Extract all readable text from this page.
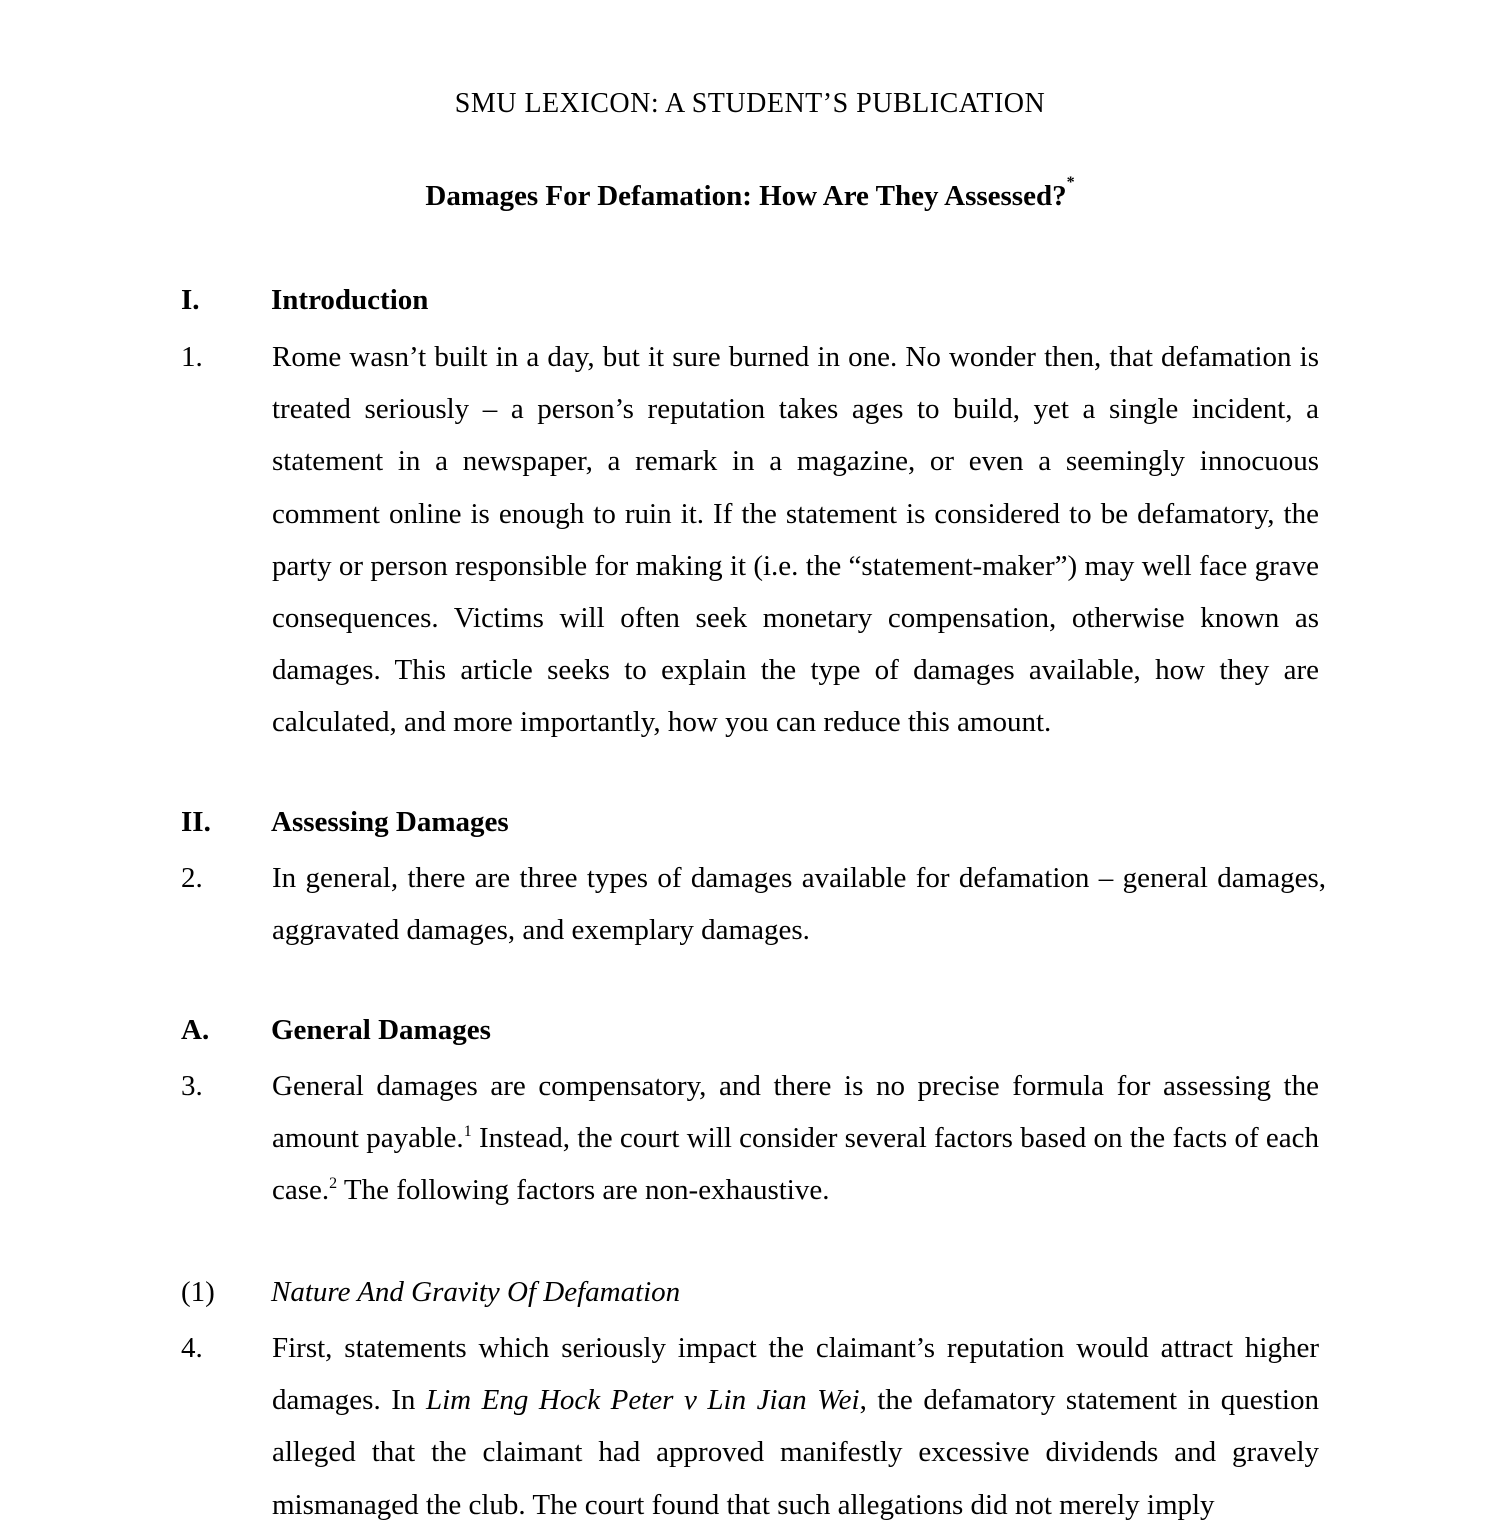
SMU LEXICON: A STUDENT’S PUBLICATION
Damages For Defamation: How Are They Assessed?*
I. Introduction
1. Rome wasn’t built in a day, but it sure burned in one. No wonder then, that defamation is treated seriously – a person’s reputation takes ages to build, yet a single incident, a statement in a newspaper, a remark in a magazine, or even a seemingly innocuous comment online is enough to ruin it. If the statement is considered to be defamatory, the party or person responsible for making it (i.e. the “statement-maker”) may well face grave consequences. Victims will often seek monetary compensation, otherwise known as damages. This article seeks to explain the type of damages available, how they are calculated, and more importantly, how you can reduce this amount.
II. Assessing Damages
2. In general, there are three types of damages available for defamation – general damages, aggravated damages, and exemplary damages.
A. General Damages
3. General damages are compensatory, and there is no precise formula for assessing the amount payable.$^1$ Instead, the court will consider several factors based on the facts of each case.$^2$ The following factors are non-exhaustive.
(1) Nature And Gravity Of Defamation
4. First, statements which seriously impact the claimant’s reputation would attract higher damages. In Lim Eng Hock Peter v Lin Jian Wei, the defamatory statement in question alleged that the claimant had approved manifestly excessive dividends and gravely mismanaged the club. The court found that such allegations did not merely imply
